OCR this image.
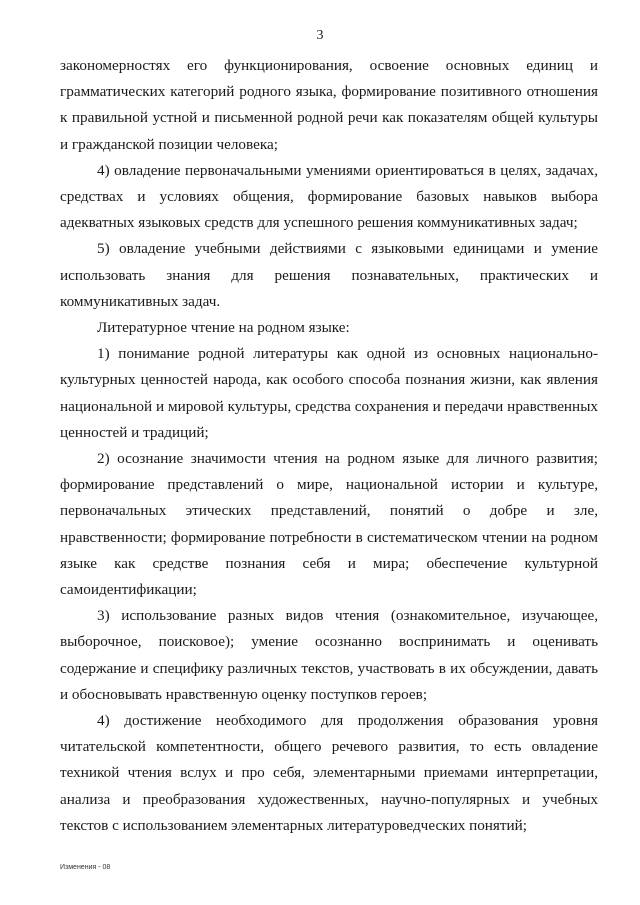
3

закономерностях его функционирования, освоение основных единиц и грамматических категорий родного языка, формирование позитивного отношения к правильной устной и письменной родной речи как показателям общей культуры и гражданской позиции человека;

4) овладение первоначальными умениями ориентироваться в целях, задачах, средствах и условиях общения, формирование базовых навыков выбора адекватных языковых средств для успешного решения коммуникативных задач;

5) овладение учебными действиями с языковыми единицами и умение использовать знания для решения познавательных, практических и коммуникативных задач.

Литературное чтение на родном языке:

1) понимание родной литературы как одной из основных национально-культурных ценностей народа, как особого способа познания жизни, как явления национальной и мировой культуры, средства сохранения и передачи нравственных ценностей и традиций;

2) осознание значимости чтения на родном языке для личного развития; формирование представлений о мире, национальной истории и культуре, первоначальных этических представлений, понятий о добре и зле, нравственности; формирование потребности в систематическом чтении на родном языке как средстве познания себя и мира; обеспечение культурной самоидентификации;

3) использование разных видов чтения (ознакомительное, изучающее, выборочное, поисковое); умение осознанно воспринимать и оценивать содержание и специфику различных текстов, участвовать в их обсуждении, давать и обосновывать нравственную оценку поступков героев;

4) достижение необходимого для продолжения образования уровня читательской компетентности, общего речевого развития, то есть овладение техникой чтения вслух и про себя, элементарными приемами интерпретации, анализа и преобразования художественных, научно-популярных и учебных текстов с использованием элементарных литературоведческих понятий;

Изменения - 08
